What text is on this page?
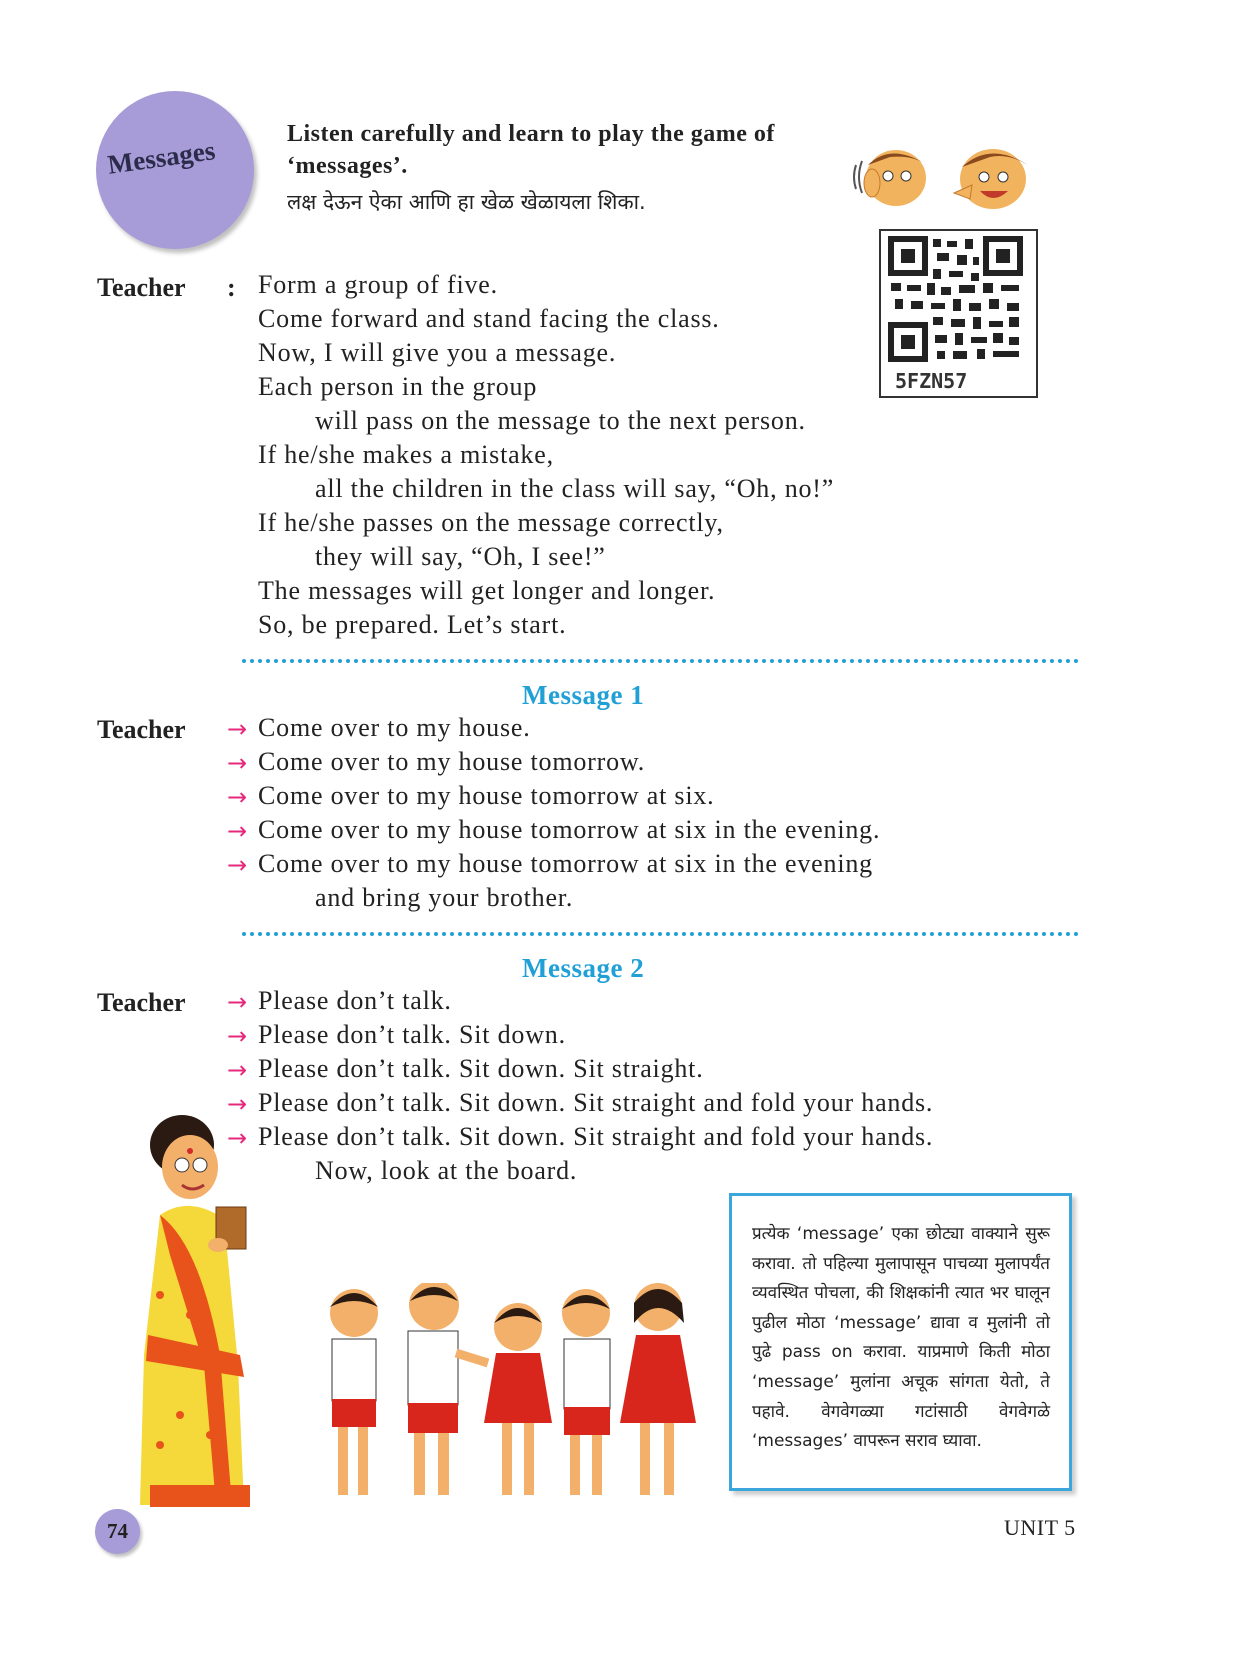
Messages
Listen carefully and learn to play the game of ‘messages’.
लक्ष देऊन ऐका आणि हा खेळ खेळायला शिका.
5FZN57
Teacher : Form a group of five.
Come forward and stand facing the class.
Now, I will give you a message.
Each person in the group
will pass on the message to the next person.
If he/she makes a mistake,
all the children in the class will say, “Oh, no!”
If he/she passes on the message correctly,
they will say, “Oh, I see!”
The messages will get longer and longer.
So, be prepared. Let’s start.
Message 1
Teacher → Come over to my house.
→ Come over to my house tomorrow.
→ Come over to my house tomorrow at six.
→ Come over to my house tomorrow at six in the evening.
→ Come over to my house tomorrow at six in the evening
and bring your brother.
Message 2
Teacher → Please don’t talk.
→ Please don’t talk. Sit down.
→ Please don’t talk. Sit down. Sit straight.
→ Please don’t talk. Sit down. Sit straight and fold your hands.
→ Please don’t talk. Sit down. Sit straight and fold your hands.
Now, look at the board.
प्रत्येक ‘message’ एका छोट्या वाक्याने सुरू करावा. तो पहिल्या मुलापासून पाचव्या मुलापर्यंत व्यवस्थित पोचला, की शिक्षकांनी त्यात भर घालून पुढील मोठा ‘message’ द्यावा व मुलांनी तो पुढे pass on करावा. याप्रमाणे किती मोठा ‘message’ मुलांना अचूक सांगता येतो, ते पहावे. वेगवेगळ्या गटांसाठी वेगवेगळे ‘messages’ वापरून सराव घ्यावा.
74	UNIT 5
